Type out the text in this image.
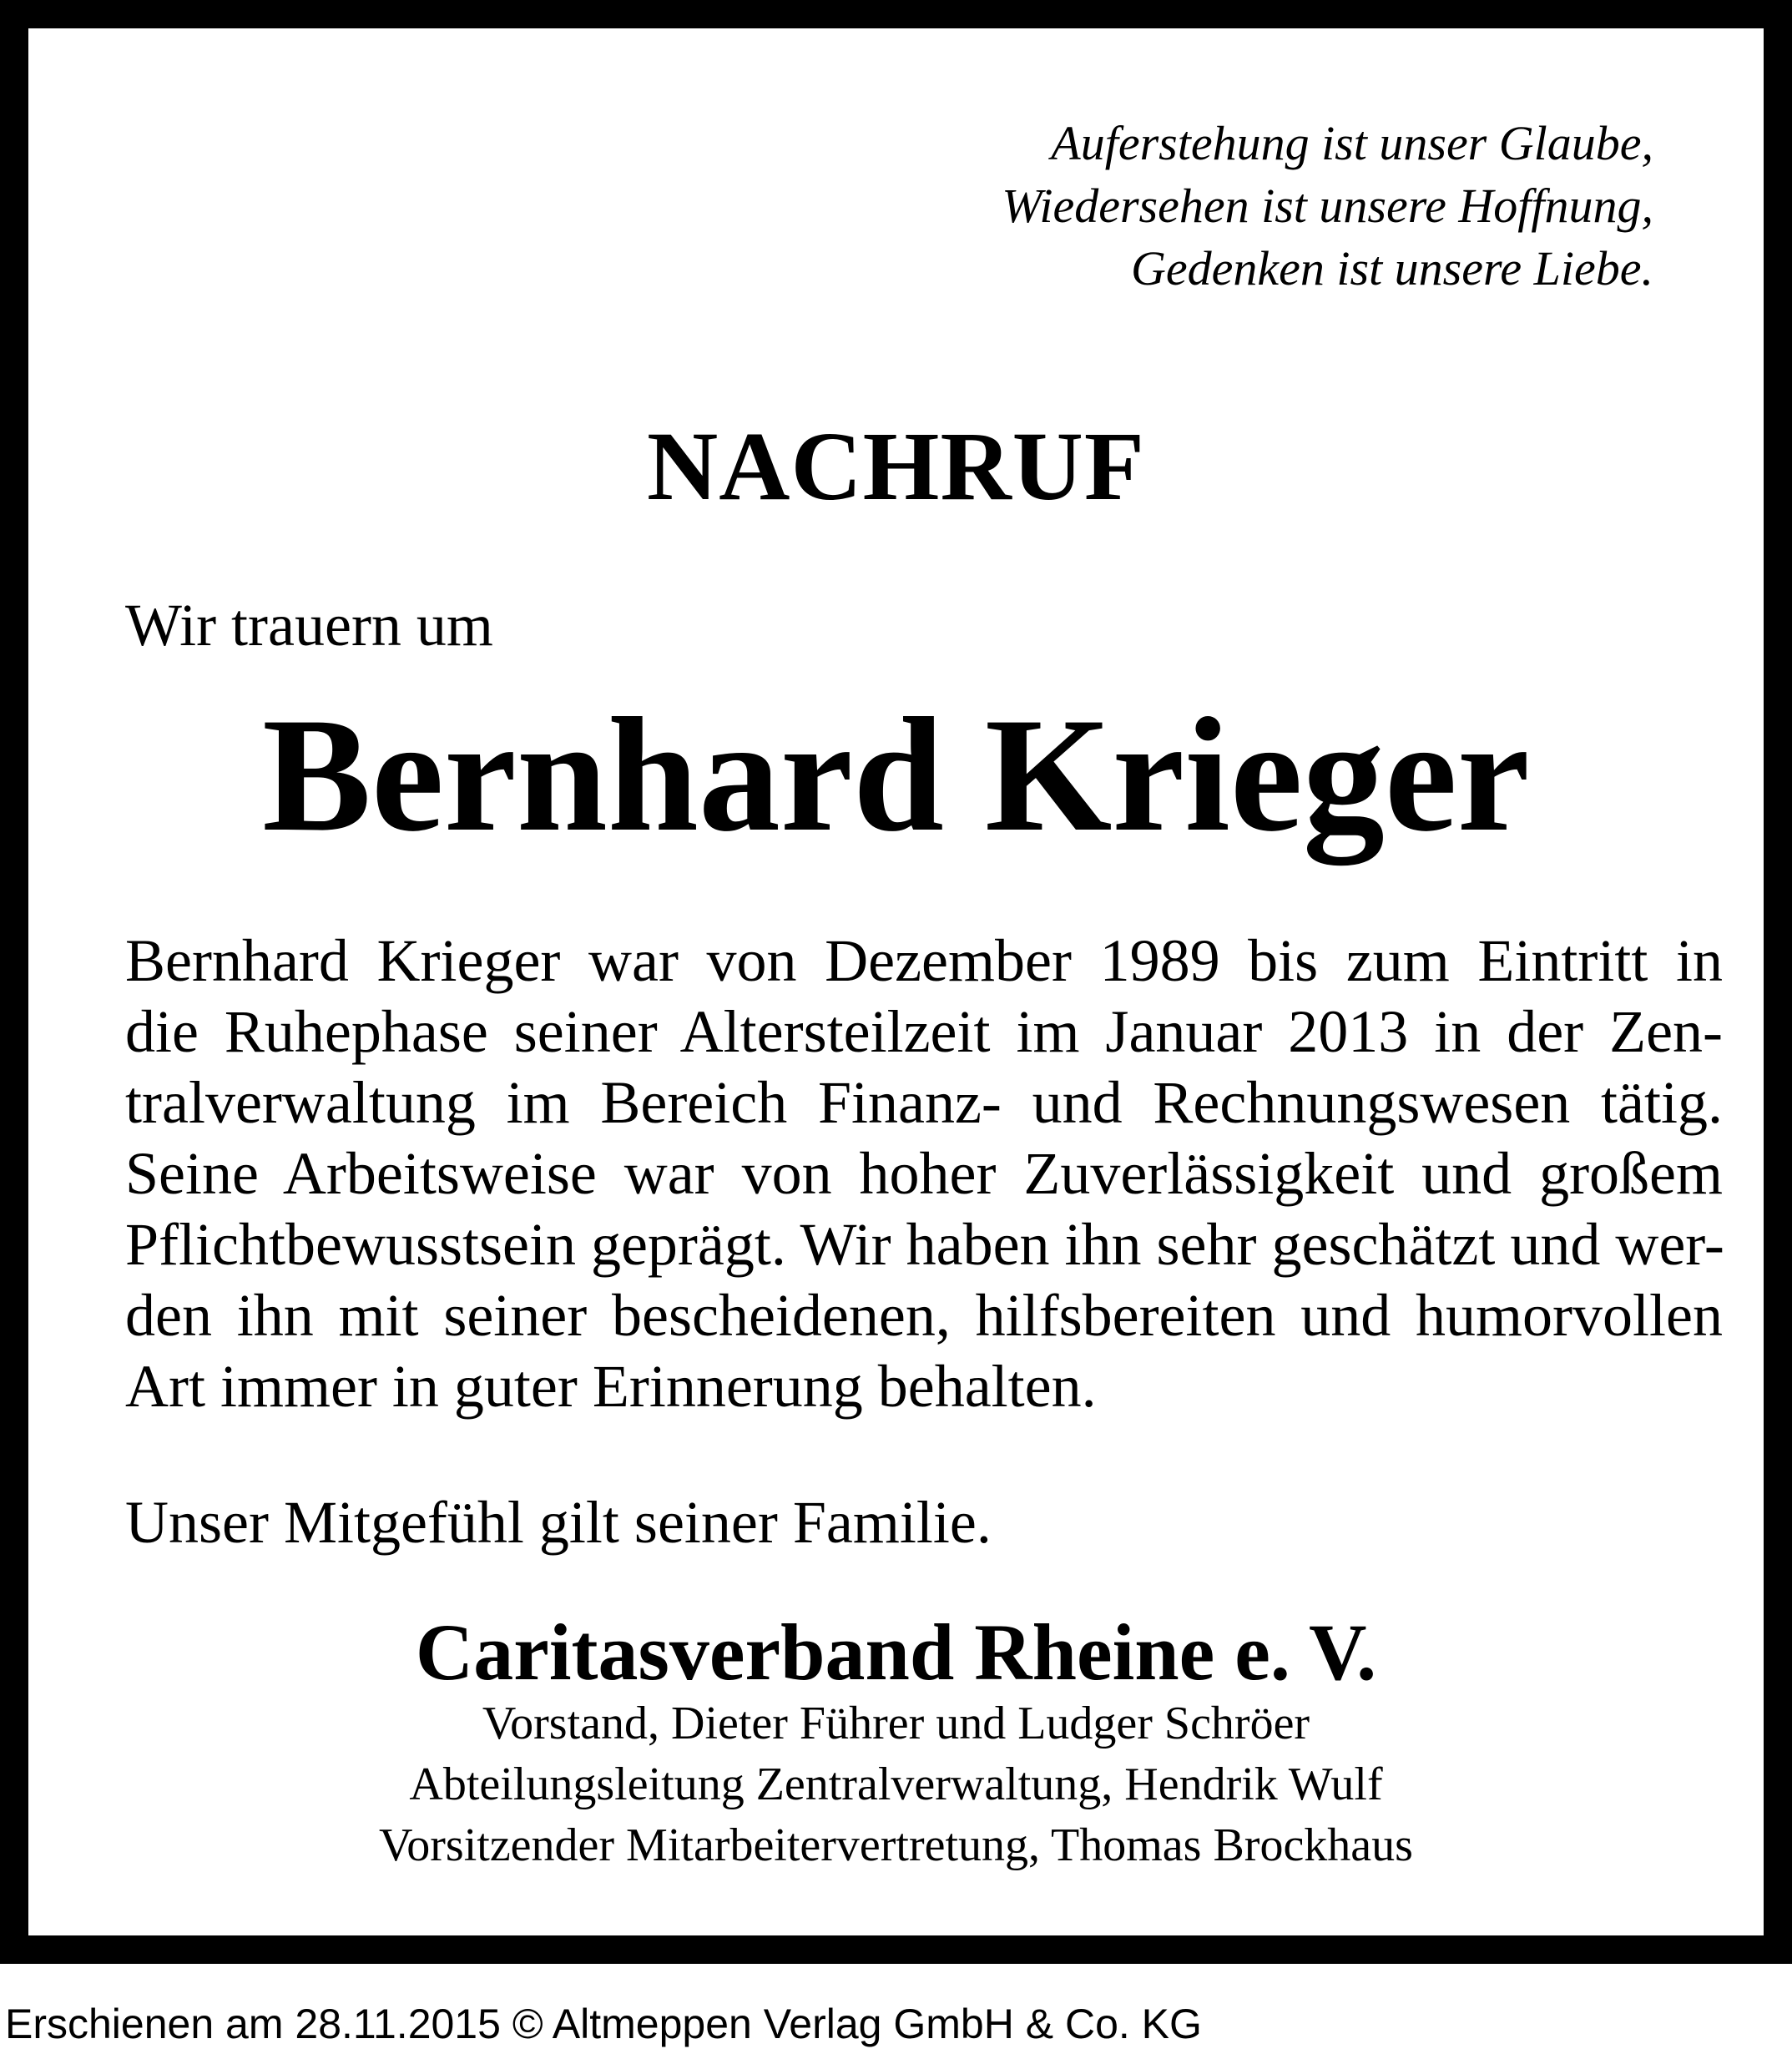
Auferstehung ist unser Glaube,
Wiedersehen ist unsere Hoffnung,
Gedenken ist unsere Liebe.
NACHRUF
Wir trauern um
Bernhard Krieger
Bernhard Krieger war von Dezember 1989 bis zum Eintritt in
die Ruhephase seiner Altersteilzeit im Januar 2013 in der Zen-
tralverwaltung im Bereich Finanz- und Rechnungswesen tätig.
Seine Arbeitsweise war von hoher Zuverlässigkeit und großem
Pflichtbewusstsein geprägt. Wir haben ihn sehr geschätzt und wer-
den ihn mit seiner bescheidenen, hilfsbereiten und humorvollen
Art immer in guter Erinnerung behalten.
Unser Mitgefühl gilt seiner Familie.
Caritasverband Rheine e. V.
Vorstand, Dieter Führer und Ludger Schröer
Abteilungsleitung Zentralverwaltung, Hendrik Wulf
Vorsitzender Mitarbeitervertretung, Thomas Brockhaus
Erschienen am 28.11.2015 © Altmeppen Verlag GmbH & Co. KG
